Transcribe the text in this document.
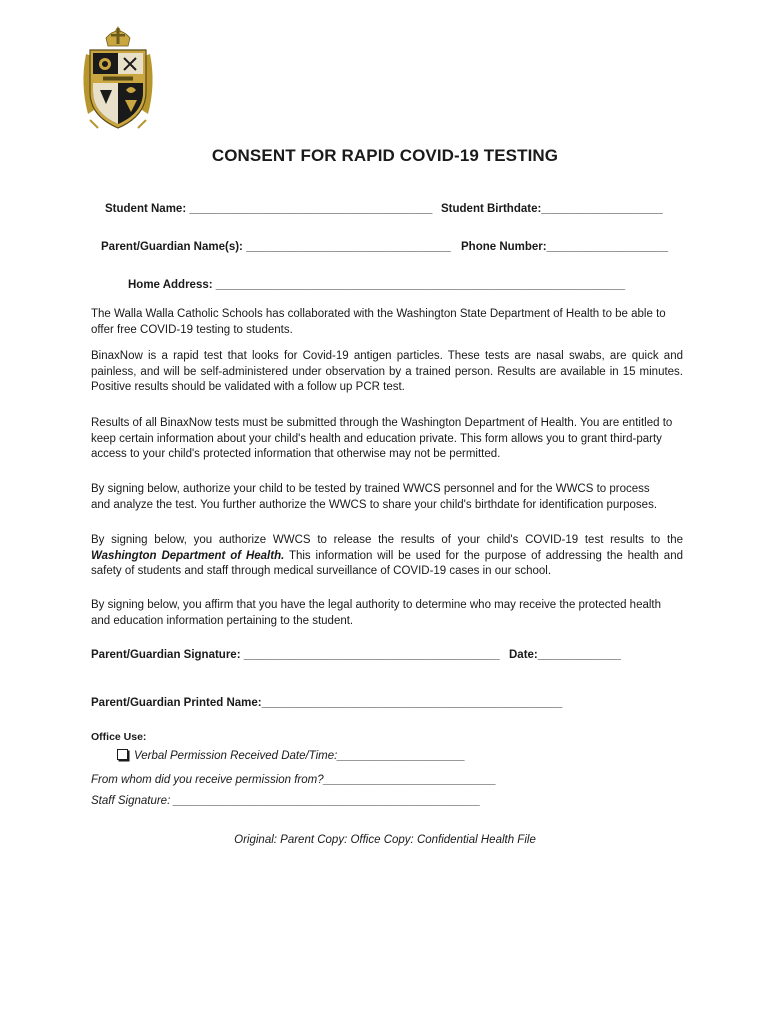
CONSENT FOR RAPID COVID-19 TESTING
Student Name: ______________________________________ Student Birthdate:___________________
Parent/Guardian Name(s): ________________________________ Phone Number:___________________
Home Address: ________________________________________________________________

The Walla Walla Catholic Schools has collaborated with the Washington State Department of Health to be able to offer free COVID-19 testing to students.

BinaxNow is a rapid test that looks for Covid-19 antigen particles. These tests are nasal swabs, are quick and painless, and will be self-administered under observation by a trained person. Results are available in 15 minutes. Positive results should be validated with a follow up PCR test.

Results of all BinaxNow tests must be submitted through the Washington Department of Health. You are entitled to keep certain information about your child's health and education private. This form allows you to grant third-party access to your child's protected information that otherwise may not be permitted.

By signing below, authorize your child to be tested by trained WWCS personnel and for the WWCS to process
and analyze the test. You further authorize the WWCS to share your child's birthdate for identification purposes.

By signing below, you authorize WWCS to release the results of your child's COVID-19 test results to the Washington Department of Health. This information will be used for the purpose of addressing the health and safety of students and staff through medical surveillance of COVID-19 cases in our school.

By signing below, you affirm that you have the legal authority to determine who may receive the protected health and education information pertaining to the student.

Parent/Guardian Signature: ________________________________________ Date:_____________
Parent/Guardian Printed Name:_______________________________________________
Office Use:
Verbal Permission Received Date/Time:____________________
From whom did you receive permission from?___________________________
Staff Signature: ________________________________________________
Original: Parent Copy: Office Copy: Confidential Health File
